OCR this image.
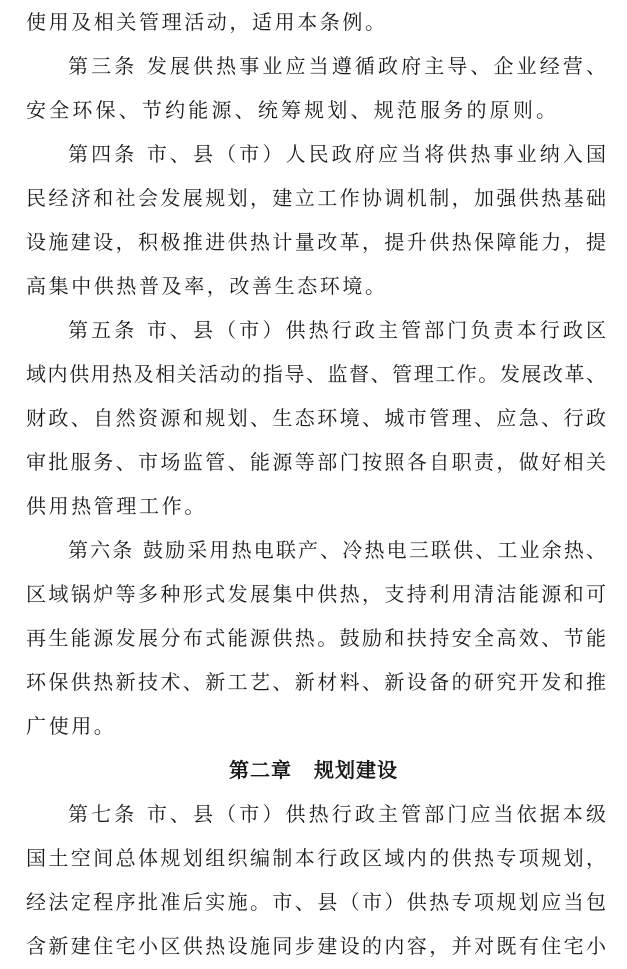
使用及相关管理活动，适用本条例。
第三条 发展供热事业应当遵循政府主导、企业经营、
安全环保、节约能源、统筹规划、规范服务的原则。
第四条 市、县（市）人民政府应当将供热事业纳入国
民经济和社会发展规划，建立工作协调机制，加强供热基础
设施建设，积极推进供热计量改革，提升供热保障能力，提
高集中供热普及率，改善生态环境。
第五条 市、县（市）供热行政主管部门负责本行政区
域内供用热及相关活动的指导、监督、管理工作。发展改革、
财政、自然资源和规划、生态环境、城市管理、应急、行政
审批服务、市场监管、能源等部门按照各自职责，做好相关
供用热管理工作。
第六条 鼓励采用热电联产、冷热电三联供、工业余热、
区域锅炉等多种形式发展集中供热，支持利用清洁能源和可
再生能源发展分布式能源供热。鼓励和扶持安全高效、节能
环保供热新技术、新工艺、新材料、新设备的研究开发和推
广使用。
第二章 规划建设
第七条 市、县（市）供热行政主管部门应当依据本级
国土空间总体规划组织编制本行政区域内的供热专项规划，
经法定程序批准后实施。市、县（市）供热专项规划应当包
含新建住宅小区供热设施同步建设的内容，并对既有住宅小
